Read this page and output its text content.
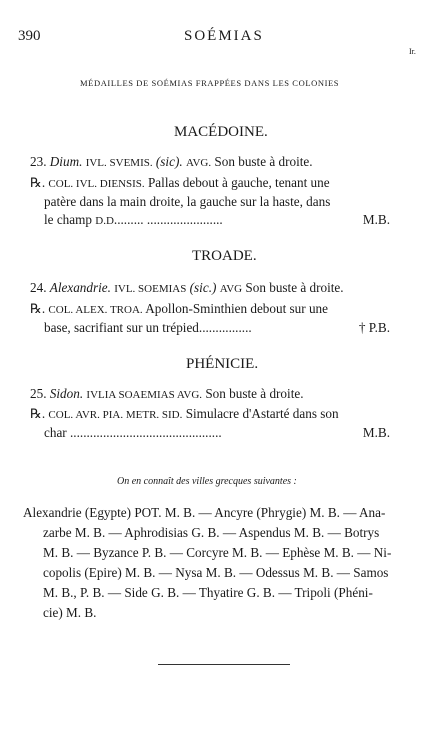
390	SOÉMIAS
Ir.
MÉDAILLES DE SOÉMIAS FRAPPÉES DANS LES COLONIES
MACÉDOINE.
23. Dium. IVL. SVEMIS. (sic). AVG. Son buste à droite.
℞. COL. IVL. DIENSIS. Pallas debout à gauche, tenant une
patère dans la main droite, la gauche sur la haste, dans
le champ D.D......... .......................	M.B.
TROADE.
24. Alexandrie. IVL. SOEMIAS (sic.) AVG Son buste à droite.
℞. COL. ALEX. TROA. Apollon-Sminthien debout sur une
base, sacrifiant sur un trépied................	† P.B.
PHÉNICIE.
25. Sidon. IVLIA SOAEMIAS AVG. Son buste à droite.
℞. COL. AVR. PIA. METR. SID. Simulacre d'Astarté dans son
char ..............................................	M.B.
On en connaît des villes grecques suivantes :
Alexandrie (Egypte) POT. M. B. — Ancyre (Phrygie) M. B. — Ana-
zarbe M. B. — Aphrodisias G. B. — Aspendus M. B. — Botrys
M. B. — Byzance P. B. — Corcyre M. B. — Ephèse M. B. — Ni-
copolis (Epire) M. B. — Nysa M. B. — Odessus M. B. — Samos
M. B., P. B. — Side G. B. — Thyatire G. B. — Tripoli (Phéni-
cie) M. B.
